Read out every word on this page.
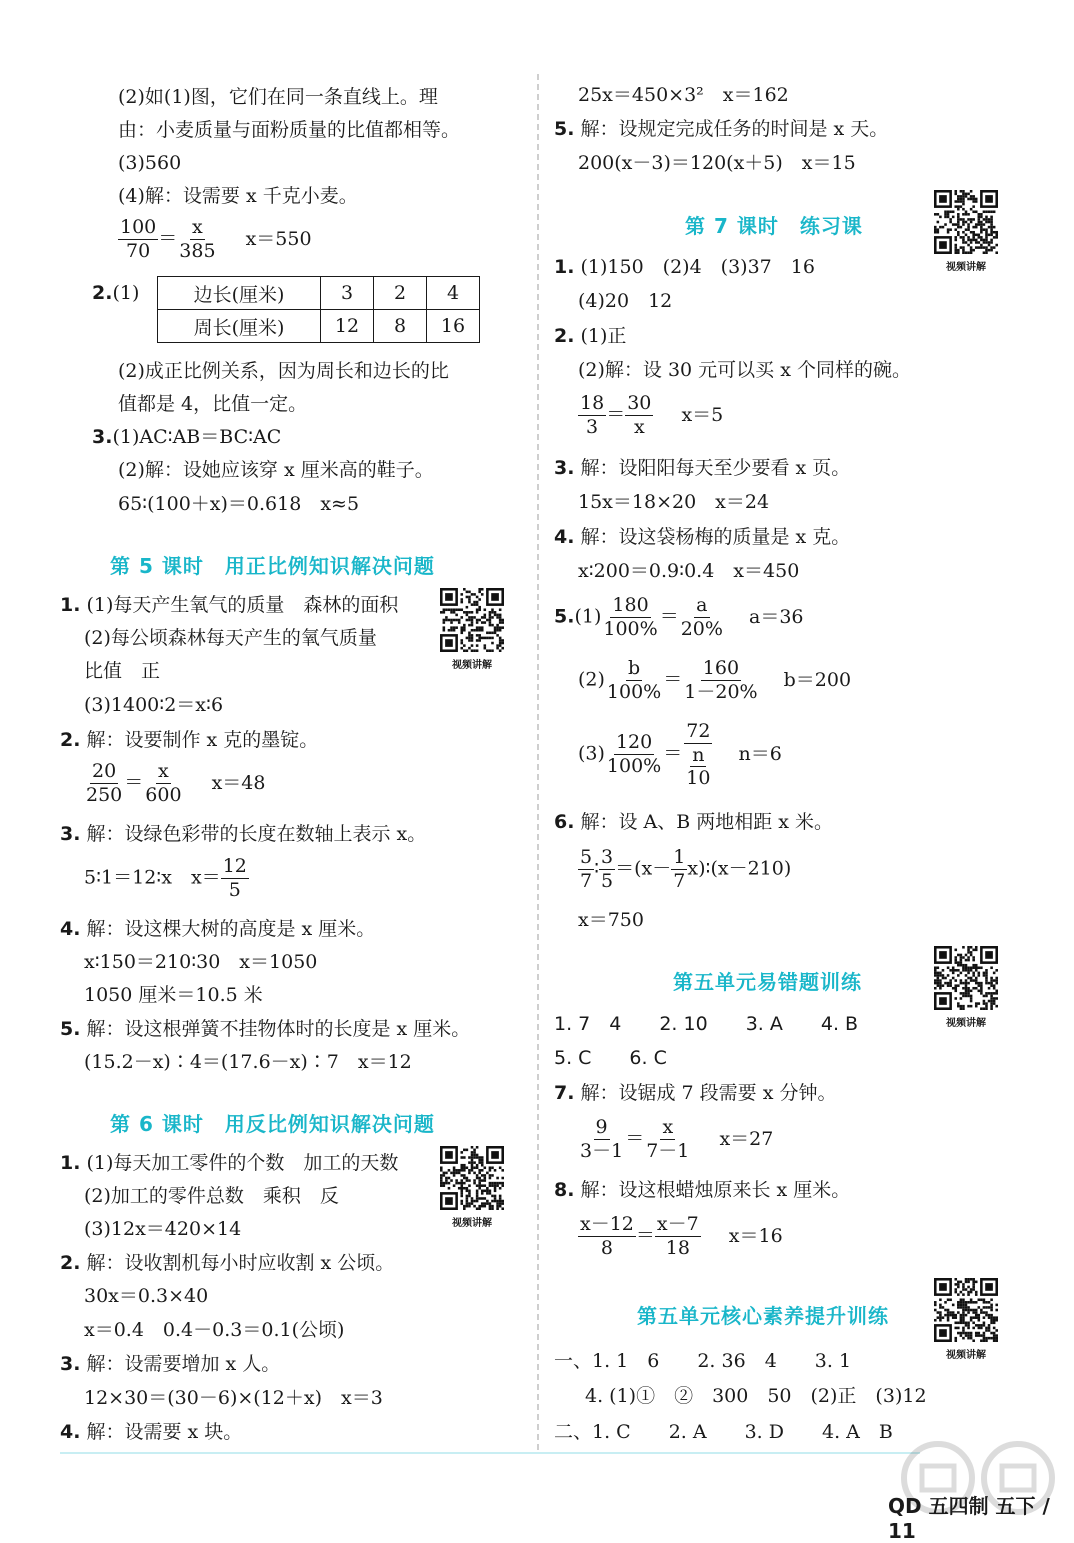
(2)如(1)图，它们在同一条直线上。理
由：小麦质量与面粉质量的比值都相等。
(3)560
(4)解：设需要 x 千克小麦。
$\frac{100}{70} = \frac{x}{385} x=550$
2.(1)	边长(厘米)	3	2	4
周长(厘米)	12	8	16
(2)成正比例关系，因为周长和边长的比
值都是 4，比值一定。
3.(1)AC∶AB＝BC∶AC
(2)解：设她应该穿 x 厘米高的鞋子。
65∶(100＋x)＝0.618　x≈5
第 5 课时　用正比例知识解决问题
1. (1)每天产生氧气的质量　森林的面积
(2)每公顷森林每天产生的氧气质量
比值　正
(3)1400∶2＝x∶6
视频讲解
2. 解：设要制作 x 克的墨锭。
$\frac{20}{250} = \frac{x}{600} x=48$
3. 解：设绿色彩带的长度在数轴上表示 x。
5∶1＝12∶x　$x= \frac{12}{5}$
4. 解：设这棵大树的高度是 x 厘米。
x∶150＝210∶30　x＝1050
1050 厘米＝10.5 米
5. 解：设这根弹簧不挂物体时的长度是 x 厘米。
(15.2－x)∶4＝(17.6－x)∶7　x＝12
第 6 课时　用反比例知识解决问题
1. (1)每天加工零件的个数　加工的天数
(2)加工的零件总数　乘积　反
(3)12x＝420×14	视频讲解
2. 解：设收割机每小时应收割 x 公顷。
30x＝0.3×40
x＝0.4　0.4－0.3＝0.1(公顷)
3. 解：设需要增加 x 人。
12×30＝(30－6)×(12＋x)　x＝3
4. 解：设需要 x 块。
25x＝450×3²　x＝162
5. 解：设规定完成任务的时间是 x 天。
200(x－3)＝120(x＋5)　x＝15
第 7 课时　练习课
视频讲解
1. (1)150　(2)4　(3)37　16
(4)20　12
2. (1)正
(2)解：设 30 元可以买 x 个同样的碗。
$\frac{18}{3} = \frac{30}{x} x=5$
3. 解：设阳阳每天至少要看 x 页。
15x＝18×20　x＝24
4. 解：设这袋杨梅的质量是 x 克。
x∶200＝0.9∶0.4　x＝450
$5.(1) \frac{180}{100\%} = \frac{a}{20\%} a=36$
$(2) \frac{b}{100\%} = \frac{160}{1-20\%} b=200$
$(3) \frac{120}{100\%} = \frac{72}{\frac{n}{10}} n=6$
6. 解：设 A、B 两地相距 x 米。
$\frac{5}{7}$ ∶ $\frac{3}{5} =(x- \frac{1}{7}$ x)∶(x－210)
x＝750
第五单元易错题训练
视频讲解
1. 7　4　　2. 10　　3. A　　4. B
5. C　　6. C
7. 解：设锯成 7 段需要 x 分钟。
$\frac{9}{3-1} = \frac{x}{7-1} x=27$
8. 解：设这根蜡烛原来长 x 厘米。
$\frac{x-12}{8} = \frac{x-7}{18} x=16$
第五单元核心素养提升训练
视频讲解
一、1. 1　6　　2. 36　4　　3. 1
4. (1)①　②　300　50　(2)正　(3)12
二、1. C　　2. A　　3. D　　4. A　B
QD 五四制 五下 / 11
